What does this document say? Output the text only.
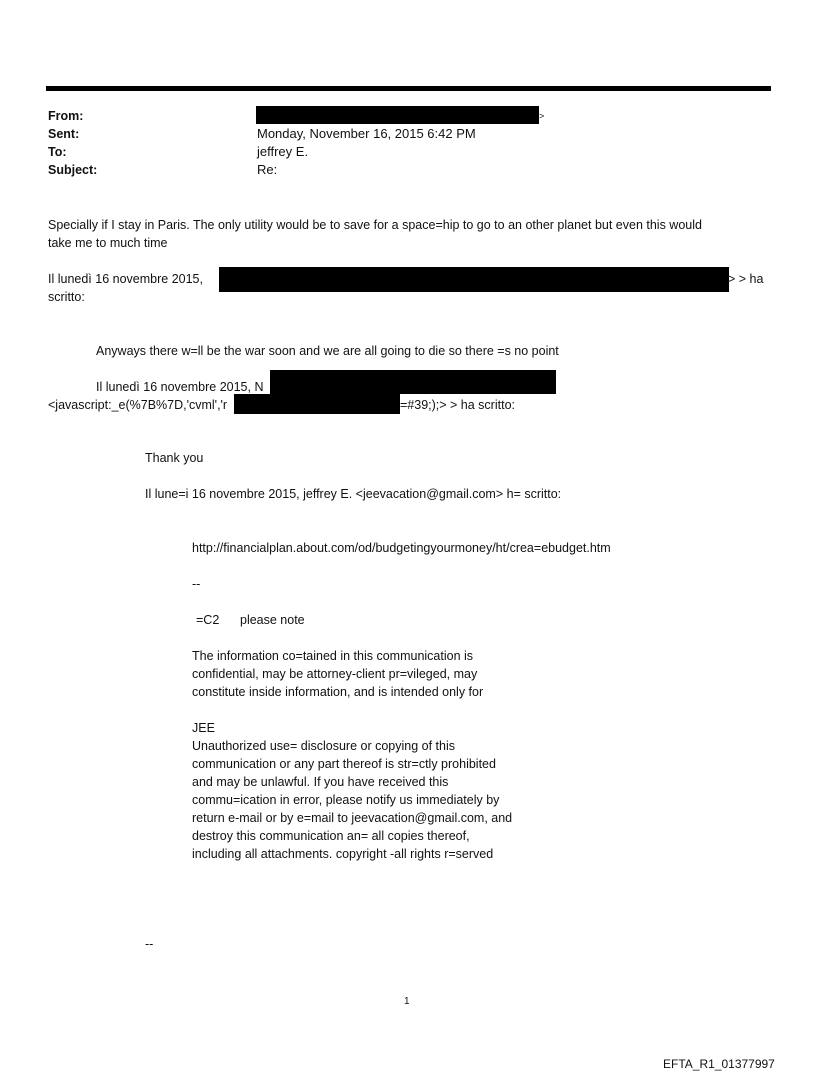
From:	>
Sent:	Monday, November 16, 2015 6:42 PM
To:	jeffrey E.
Subject:	Re:
Specially if I stay in Paris. The only utility would be to save for a space=hip to go to an other planet but even this would
take me to much time
Il lunedì 16 novembre 2015,	> > ha
scritto:
Anyways there w=ll be the war soon and we are all going to die so there =s no point
Il lunedì 16 novembre 2015, N
<javascript:_e(%7B%7D,'cvml','r	=#39;);> > ha scritto:
Thank you
Il lune=i 16 novembre 2015, jeffrey E. <jeevacation@gmail.com> h= scritto:
http://financialplan.about.com/od/budgetingyourmoney/ht/crea=ebudget.htm
--
=C2 please note
The information co=tained in this communication is
confidential, may be attorney-client pr=vileged, may
constitute inside information, and is intended only for
JEE
Unauthorized use= disclosure or copying of this
communication or any part thereof is str=ctly prohibited
and may be unlawful. If you have received this
commu=ication in error, please notify us immediately by
return e-mail or by e=mail to jeevacation@gmail.com, and
destroy this communication an= all copies thereof,
including all attachments. copyright -all rights r=served
--
1
EFTA_R1_01377997
